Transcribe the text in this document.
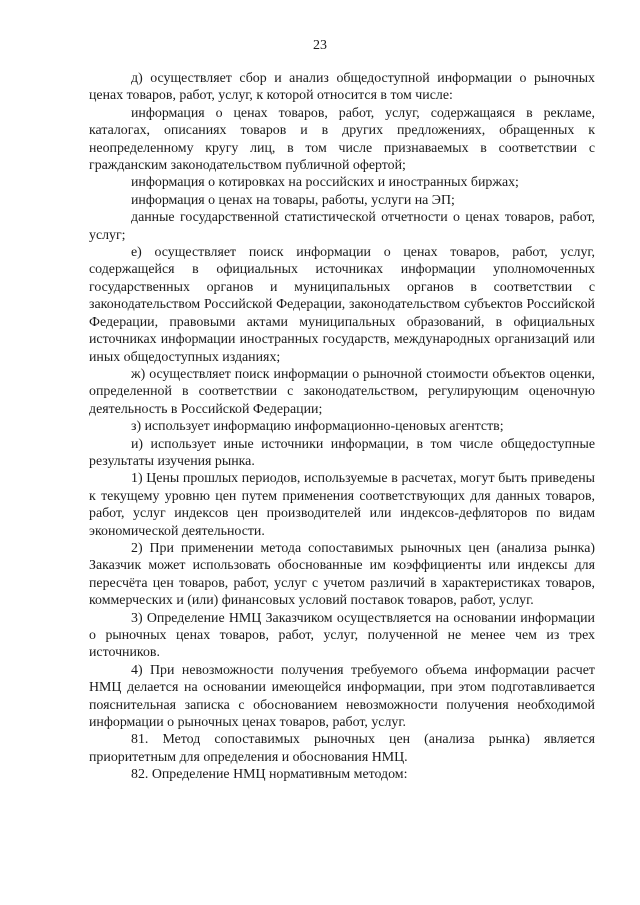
23

д) осуществляет сбор и анализ общедоступной информации о рыночных ценах товаров, работ, услуг, к которой относится в том числе:

информация о ценах товаров, работ, услуг, содержащаяся в рекламе, каталогах, описаниях товаров и в других предложениях, обращенных к неопределенному кругу лиц, в том числе признаваемых в соответствии с гражданским законодательством публичной офертой;

информация о котировках на российских и иностранных биржах;

информация о ценах на товары, работы, услуги на ЭП;

данные государственной статистической отчетности о ценах товаров, работ, услуг;

е) осуществляет поиск информации о ценах товаров, работ, услуг, содержащейся в официальных источниках информации уполномоченных государственных органов и муниципальных органов в соответствии с законодательством Российской Федерации, законодательством субъектов Российской Федерации, правовыми актами муниципальных образований, в официальных источниках информации иностранных государств, международных организаций или иных общедоступных изданиях;

ж) осуществляет поиск информации о рыночной стоимости объектов оценки, определенной в соответствии с законодательством, регулирующим оценочную деятельность в Российской Федерации;

з) использует информацию информационно-ценовых агентств;

и) использует иные источники информации, в том числе общедоступные результаты изучения рынка.

1) Цены прошлых периодов, используемые в расчетах, могут быть приведены к текущему уровню цен путем применения соответствующих для данных товаров, работ, услуг индексов цен производителей или индексов-дефляторов по видам экономической деятельности.

2) При применении метода сопоставимых рыночных цен (анализа рынка) Заказчик может использовать обоснованные им коэффициенты или индексы для пересчёта цен товаров, работ, услуг с учетом различий в характеристиках товаров, коммерческих и (или) финансовых условий поставок товаров, работ, услуг.

3) Определение НМЦ Заказчиком осуществляется на основании информации о рыночных ценах товаров, работ, услуг, полученной не менее чем из трех источников.

4) При невозможности получения требуемого объема информации расчет НМЦ делается на основании имеющейся информации, при этом подготавливается пояснительная записка с обоснованием невозможности получения необходимой информации о рыночных ценах товаров, работ, услуг.

81. Метод сопоставимых рыночных цен (анализа рынка) является приоритетным для определения и обоснования НМЦ.

82. Определение НМЦ нормативным методом:
